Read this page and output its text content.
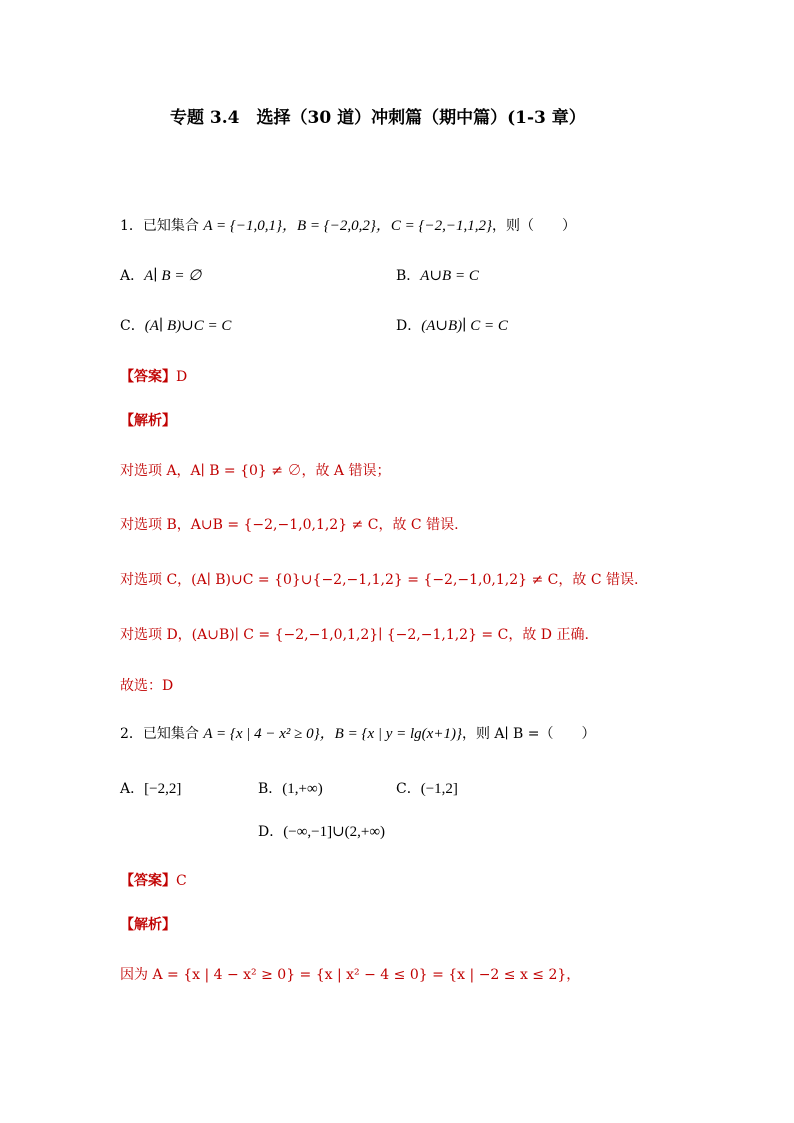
专题 3.4　选择（30 道）冲刺篇（期中篇）(1-3 章）
1．已知集合 A = {−1,0,1}，B = {−2,0,2}，C = {−2,−1,1,2}，则（　　）
A．A∣ B = ∅	B．A∪B = C
C．(A∣ B)∪C = C	D．(A∪B)∣ C = C
【答案】D
【解析】
对选项 A，A∣ B = {0} ≠ ∅，故 A 错误；
对选项 B，A∪B = {−2,−1,0,1,2} ≠ C，故 C 错误.
对选项 C，(A∣ B)∪C = {0}∪{−2,−1,1,2} = {−2,−1,0,1,2} ≠ C，故 C 错误.
对选项 D，(A∪B)∣ C = {−2,−1,0,1,2}∣ {−2,−1,1,2} = C，故 D 正确.
故选：D
2．已知集合 A = {x | 4 − x² ≥ 0}，B = {x | y = lg(x+1)}，则 A∣ B =（　　）
A．[−2,2]	B．(1,+∞)	C．(−1,2]
D．(−∞,−1]∪(2,+∞)
【答案】C
【解析】
因为 A = {x | 4 − x² ≥ 0} = {x | x² − 4 ≤ 0} = {x | −2 ≤ x ≤ 2}，
